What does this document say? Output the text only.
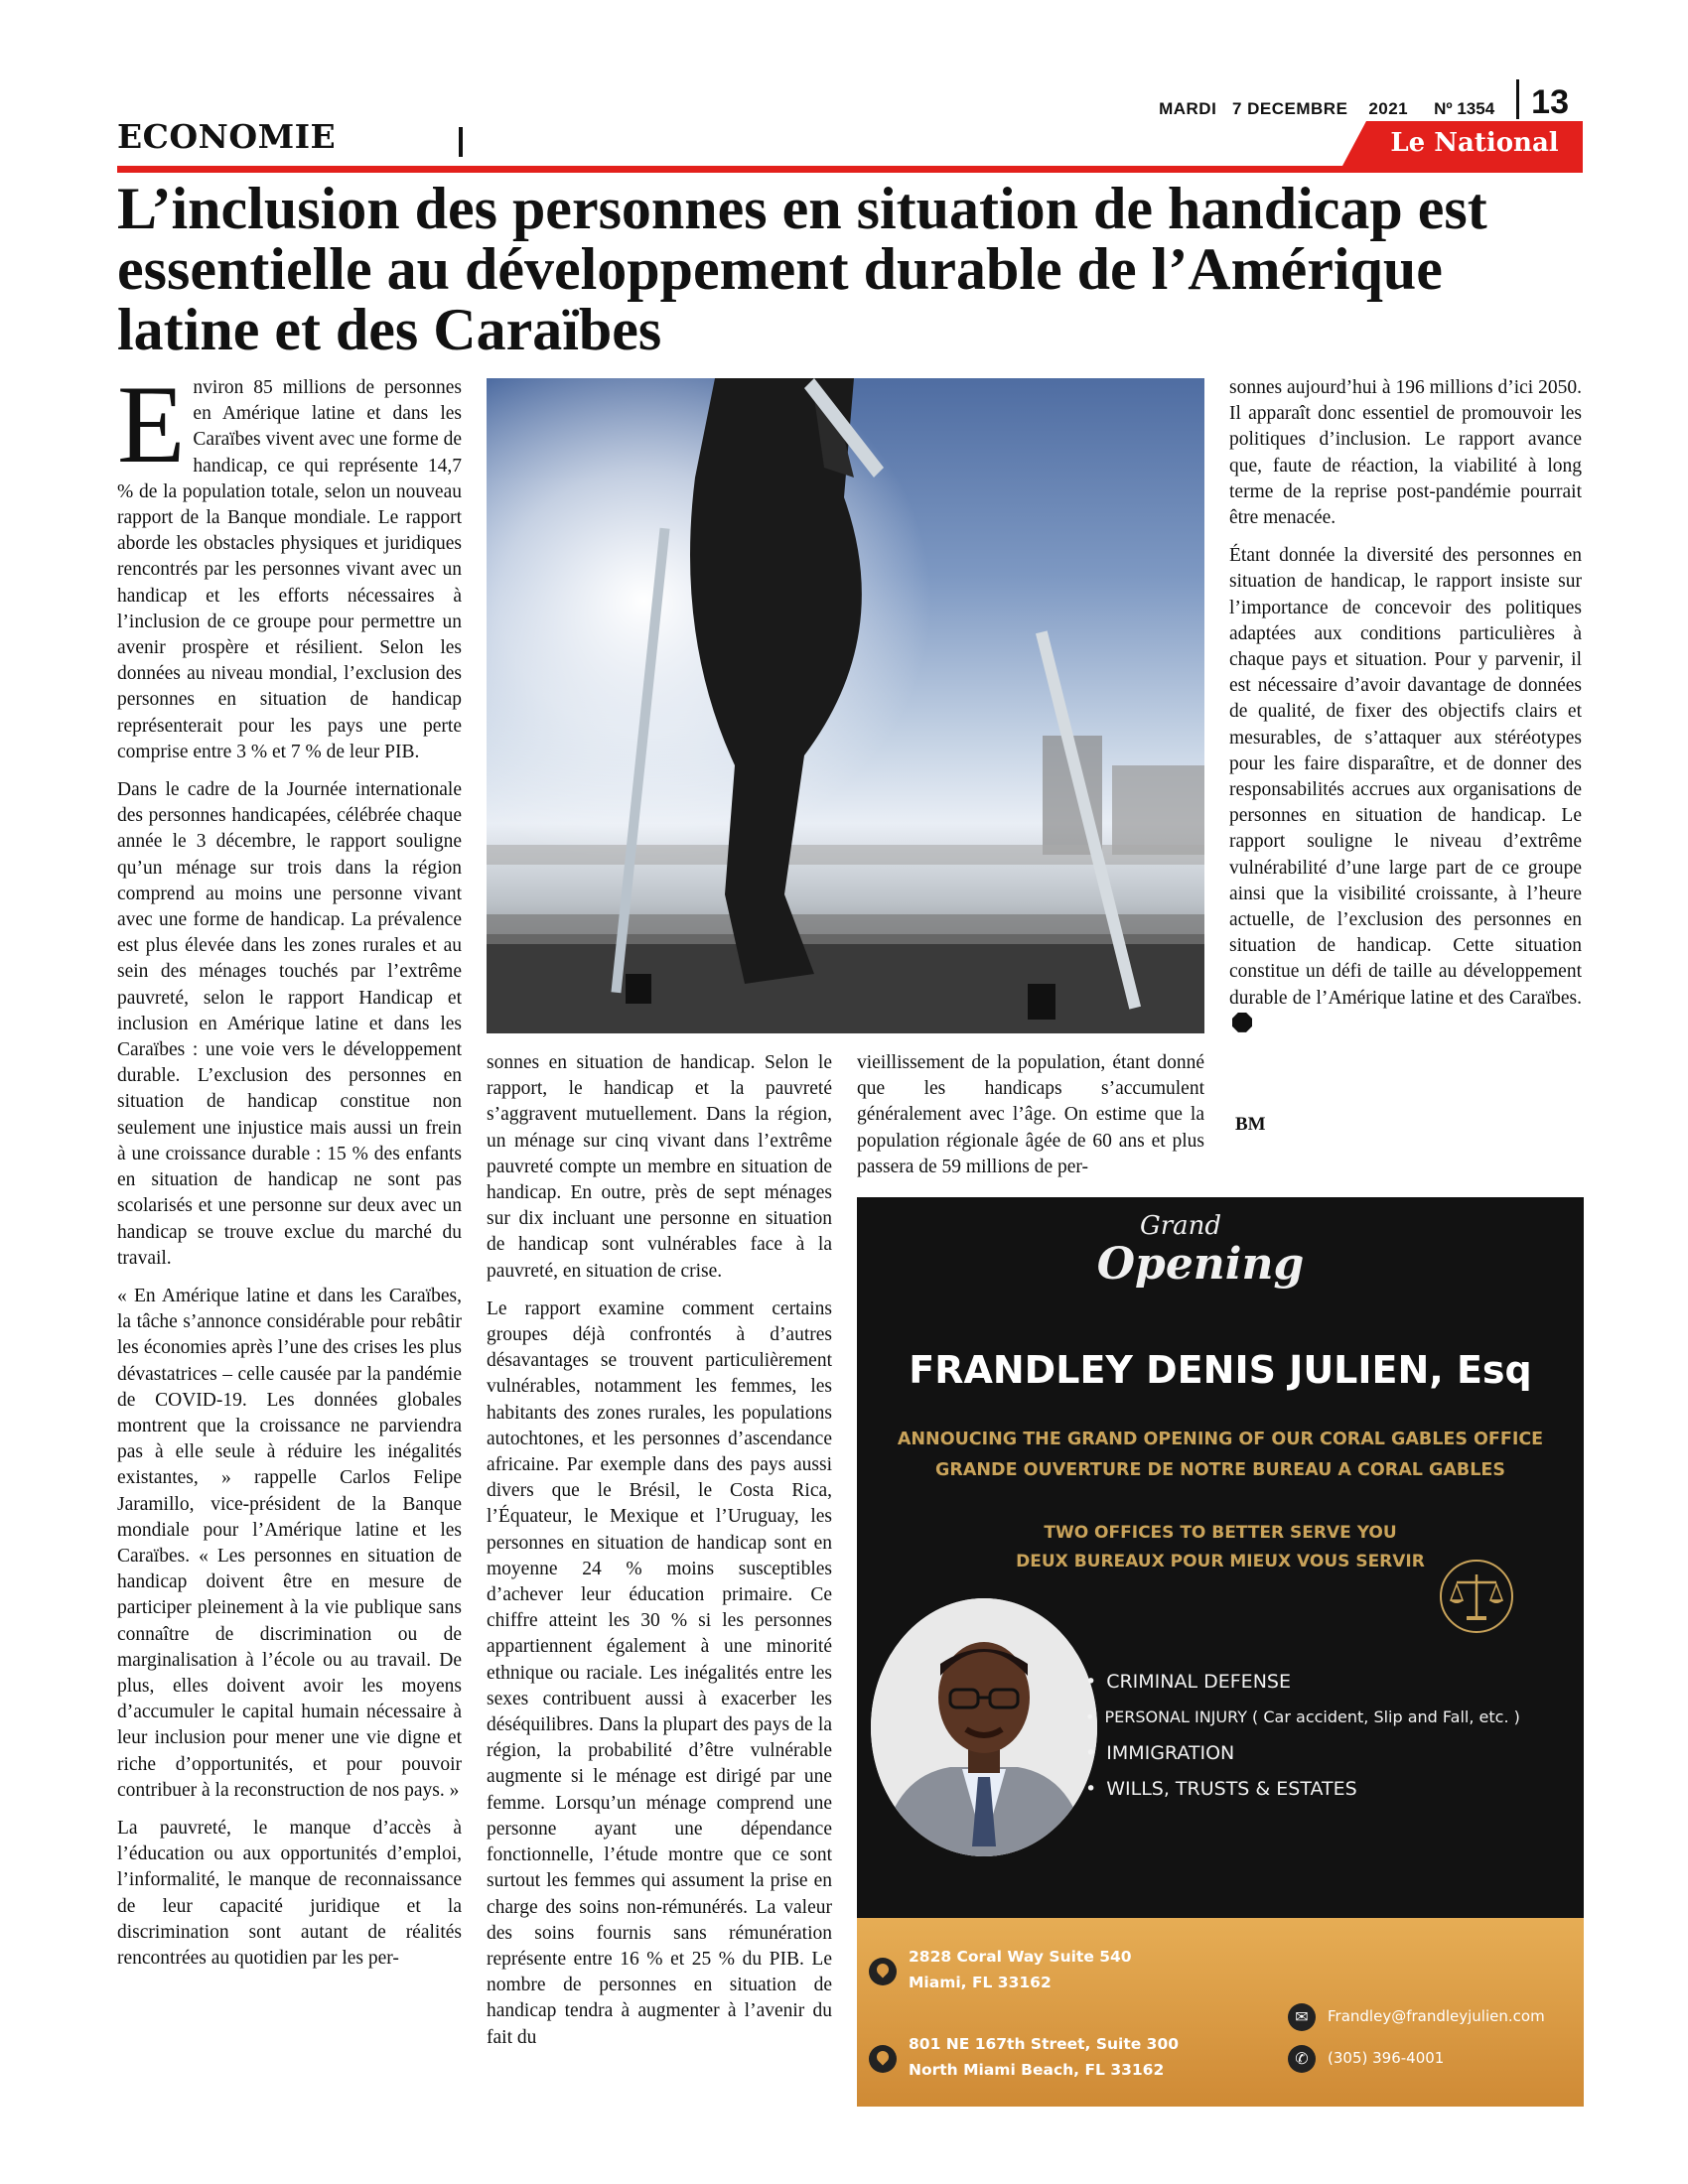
MARDI   7 DECEMBRE    2021 Nº 1354 13
ECONOMIE	Le National
L’inclusion des personnes en situation de handicap est essentielle au développement durable de l’Amérique latine et des Caraïbes

Environ 85 millions de personnes en Amérique latine et dans les Caraïbes vivent avec une forme de handicap, ce qui représente 14,7 % de la population totale, selon un nouveau rapport de la Banque mondiale. Le rapport aborde les obstacles physiques et juridiques rencontrés par les personnes vivant avec un handicap et les efforts nécessaires à l’inclusion de ce groupe pour permettre un avenir prospère et résilient. Selon les données au niveau mondial, l’exclusion des personnes en situation de handicap représenterait pour les pays une perte comprise entre 3 % et 7 % de leur PIB.

Dans le cadre de la Journée internationale des personnes handicapées, célébrée chaque année le 3 décembre, le rapport souligne qu’un ménage sur trois dans la région comprend au moins une personne vivant avec une forme de handicap. La prévalence est plus élevée dans les zones rurales et au sein des ménages touchés par l’extrême pauvreté, selon le rapport Handicap et inclusion en Amérique latine et dans les Caraïbes : une voie vers le développement durable. L’exclusion des personnes en situation de handicap constitue non seulement une injustice mais aussi un frein à une croissance durable : 15 % des enfants en situation de handicap ne sont pas scolarisés et une personne sur deux avec un handicap se trouve exclue du marché du travail.

« En Amérique latine et dans les Caraïbes, la tâche s’annonce considérable pour rebâtir les économies après l’une des crises les plus dévastatrices – celle causée par la pandémie de COVID-19. Les données globales montrent que la croissance ne parviendra pas à elle seule à réduire les inégalités existantes, » rappelle Carlos Felipe Jaramillo, vice-président de la Banque mondiale pour l’Amérique latine et les Caraïbes. « Les personnes en situation de handicap doivent être en mesure de participer pleinement à la vie publique sans connaître de discrimination ou de marginalisation à l’école ou au travail. De plus, elles doivent avoir les moyens d’accumuler le capital humain nécessaire à leur inclusion pour mener une vie digne et riche d’opportunités, et pour pouvoir contribuer à la reconstruction de nos pays. »

La pauvreté, le manque d’accès à l’éducation ou aux opportunités d’emploi, l’informalité, le manque de reconnaissance de leur capacité juridique et la discrimination sont autant de réalités rencontrées au quotidien par les per-

sonnes en situation de handicap. Selon le rapport, le handicap et la pauvreté s’aggravent mutuellement. Dans la région, un ménage sur cinq vivant dans l’extrême pauvreté compte un membre en situation de handicap. En outre, près de sept ménages sur dix incluant une personne en situation de handicap sont vulnérables face à la pauvreté, en situation de crise.

Le rapport examine comment certains groupes déjà confrontés à d’autres désavantages se trouvent particulièrement vulnérables, notamment les femmes, les habitants des zones rurales, les populations autochtones, et les personnes d’ascendance africaine. Par exemple dans des pays aussi divers que le Brésil, le Costa Rica, l’Équateur, le Mexique et l’Uruguay, les personnes en situation de handicap sont en moyenne 24 % moins susceptibles d’achever leur éducation primaire. Ce chiffre atteint les 30 % si les personnes appartiennent également à une minorité ethnique ou raciale. Les inégalités entre les sexes contribuent aussi à exacerber les déséquilibres. Dans la plupart des pays de la région, la probabilité d’être vulnérable augmente si le ménage est dirigé par une femme. Lorsqu’un ménage comprend une personne ayant une dépendance fonctionnelle, l’étude montre que ce sont surtout les femmes qui assument la prise en charge des soins non-rémunérés. La valeur des soins fournis sans rémunération représente entre 16 % et 25 % du PIB. Le nombre de personnes en situation de handicap tendra à augmenter à l’avenir du fait du

vieillissement de la population, étant donné que les handicaps s’accumulent généralement avec l’âge. On estime que la population régionale âgée de 60 ans et plus passera de 59 millions de per-

sonnes aujourd’hui à 196 millions d’ici 2050. Il apparaît donc essentiel de promouvoir les politiques d’inclusion. Le rapport avance que, faute de réaction, la viabilité à long terme de la reprise post-pandémie pourrait être menacée.

Étant donnée la diversité des personnes en situation de handicap, le rapport insiste sur l’importance de concevoir des politiques adaptées aux conditions particulières à chaque pays et situation. Pour y parvenir, il est nécessaire d’avoir davantage de données de qualité, de fixer des objectifs clairs et mesurables, de s’attaquer aux stéréotypes pour les faire disparaître, et de donner des responsabilités accrues aux organisations de personnes en situation de handicap. Le rapport souligne le niveau d’extrême vulnérabilité d’une large part de ce groupe ainsi que la visibilité croissante, à l’heure actuelle, de l’exclusion des personnes en situation de handicap. Cette situation constitue un défi de taille au développement durable de l’Amérique latine et des Caraïbes.

BM
Grand
Opening
FRANDLEY DENIS JULIEN, Esq
ANNOUCING THE GRAND OPENING OF OUR CORAL GABLES OFFICE
GRANDE OUVERTURE DE NOTRE BUREAU A CORAL GABLES
TWO OFFICES TO BETTER SERVE YOU
DEUX BUREAUX POUR MIEUX VOUS SERVIR
• CRIMINAL DEFENSE
• PERSONAL INJURY ( Car accident, Slip and Fall, etc. )
• IMMIGRATION
• WILLS, TRUSTS & ESTATES
2828 Coral Way Suite 540
Miami, FL 33162
801 NE 167th Street, Suite 300
North Miami Beach, FL 33162
✉	Frandley@frandleyjulien.com
✆	(305) 396-4001
